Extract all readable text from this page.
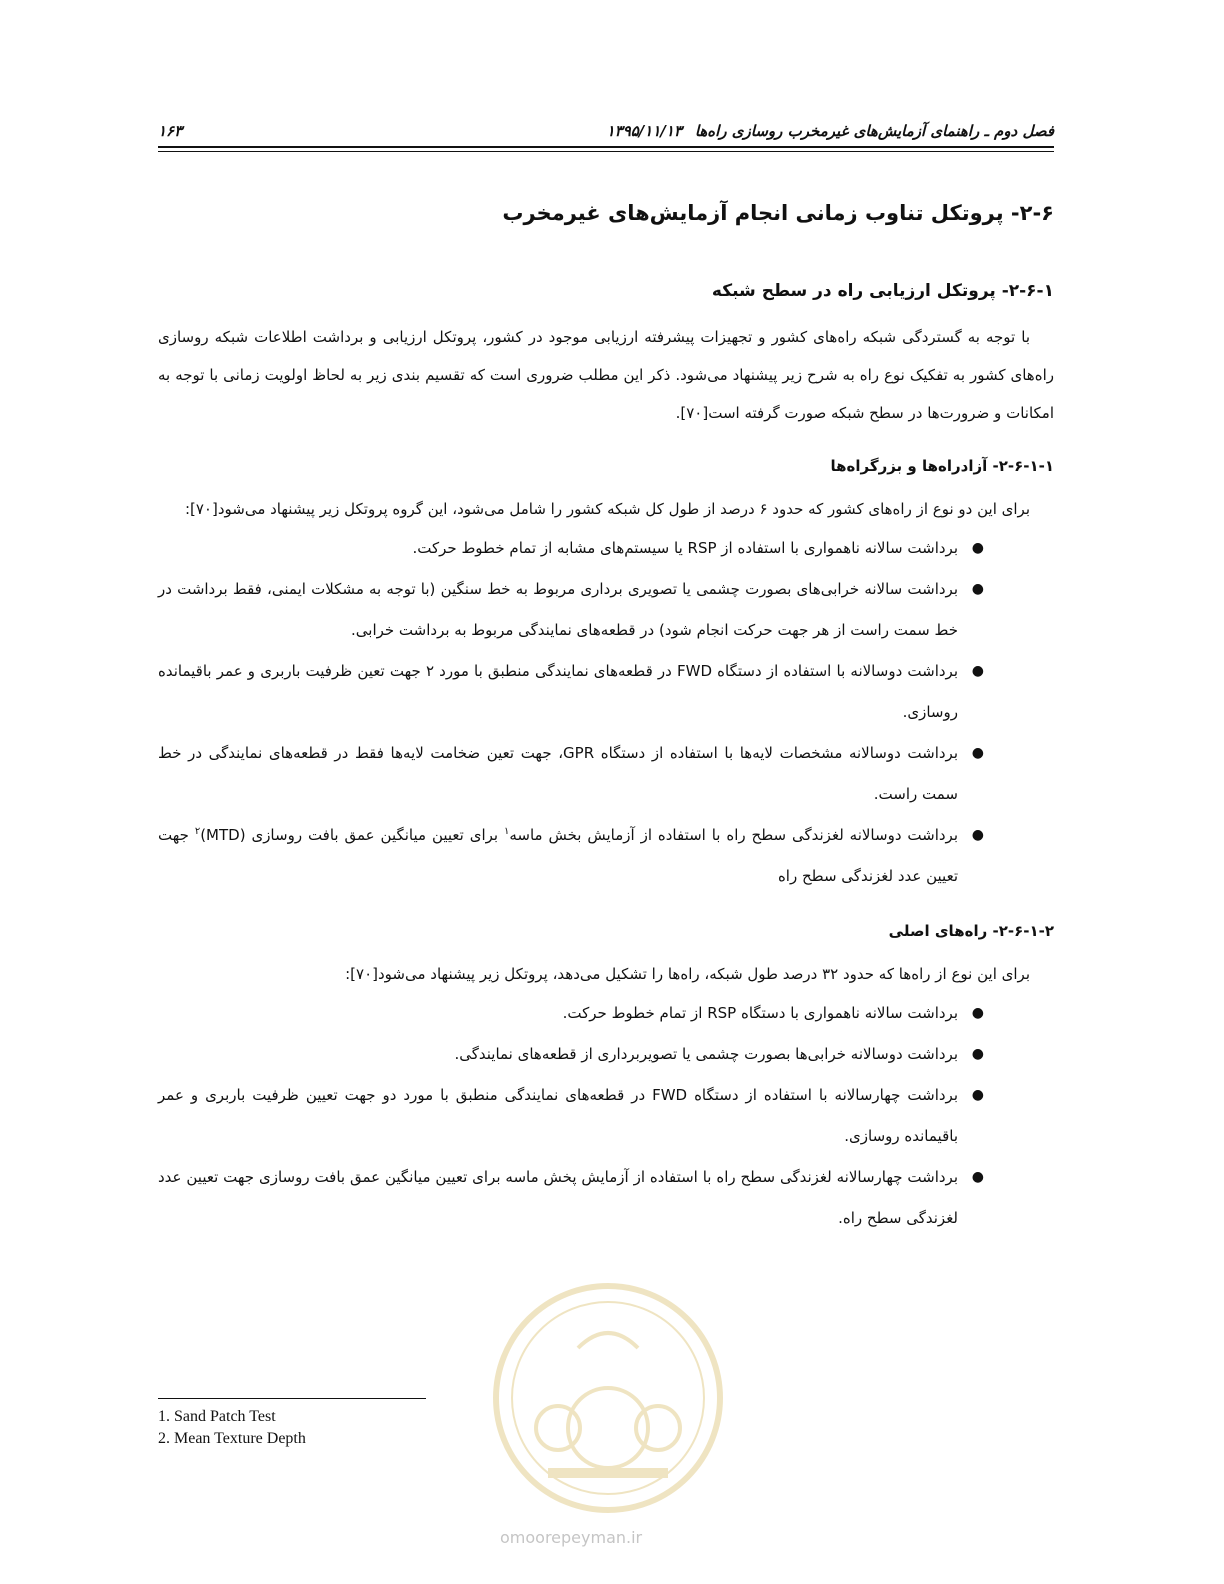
فصل دوم ـ راهنمای آزمایش‌های غیرمخرب روسازی راه‌ها
۱۳۹۵/۱۱/۱۳
۱۶۳
۲-۶- پروتکل تناوب زمانی انجام آزمایش‌های غیرمخرب
۲-۶-۱- پروتکل ارزیابی راه در سطح شبکه

با توجه به گستردگی شبکه راه‌های کشور و تجهیزات پیشرفته ارزیابی موجود در کشور، پروتکل ارزیابی و برداشت اطلاعات شبکه روسازی راه‌های کشور به تفکیک نوع راه به شرح زیر پیشنهاد می‌شود. ذکر این مطلب ضروری است که تقسیم بندی زیر به لحاظ اولویت زمانی با توجه به امکانات و ضرورت‌ها در سطح شبکه صورت گرفته است[۷۰].

۲-۶-۱-۱- آزادراه‌ها و بزرگراه‌ها

برای این دو نوع از راه‌های کشور که حدود ۶ درصد از طول کل شبکه کشور را شامل می‌شود، این گروه پروتکل زیر پیشنهاد می‌شود[۷۰]:

●
برداشت سالانه ناهمواری با استفاده از RSP یا سیستم‌های مشابه از تمام خطوط حرکت.
●
برداشت سالانه خرابی‌های بصورت چشمی یا تصویری برداری مربوط به خط سنگین (با توجه به مشکلات ایمنی، فقط برداشت در خط سمت راست از هر جهت حرکت انجام شود) در قطعه‌های نمایندگی مربوط به برداشت خرابی.
●
برداشت دوسالانه با استفاده از دستگاه FWD در قطعه‌های نمایندگی منطبق با مورد ۲ جهت تعین ظرفیت باربری و عمر باقیمانده روسازی.
●
برداشت دوسالانه مشخصات لایه‌ها با استفاده از دستگاه GPR، جهت تعین ضخامت لایه‌ها فقط در قطعه‌های نمایندگی در خط سمت راست.
●
برداشت دوسالانه لغزندگی سطح راه با استفاده از آزمایش بخش ماسه$^۱$ برای تعیین میانگین عمق بافت روسازی (MTD)$^۲$ جهت تعیین عدد لغزندگی سطح راه
۲-۶-۱-۲- راه‌های اصلی

برای این نوع از راه‌ها که حدود ۳۲ درصد طول شبکه، راه‌ها را تشکیل می‌دهد، پروتکل زیر پیشنهاد می‌شود[۷۰]:

●
برداشت سالانه ناهمواری با دستگاه RSP از تمام خطوط حرکت.
●
برداشت دوسالانه خرابی‌ها بصورت چشمی یا تصویربرداری از قطعه‌های نمایندگی.
●
برداشت چهارسالانه با استفاده از دستگاه FWD در قطعه‌های نمایندگی منطبق با مورد دو جهت تعیین ظرفیت باربری و عمر باقیمانده روسازی.
●
برداشت چهارسالانه لغزندگی سطح راه با استفاده از آزمایش پخش ماسه برای تعیین میانگین عمق بافت روسازی جهت تعیین عدد لغزندگی سطح راه.
1. Sand Patch Test
2. Mean Texture Depth
omoorepeyman.ir
